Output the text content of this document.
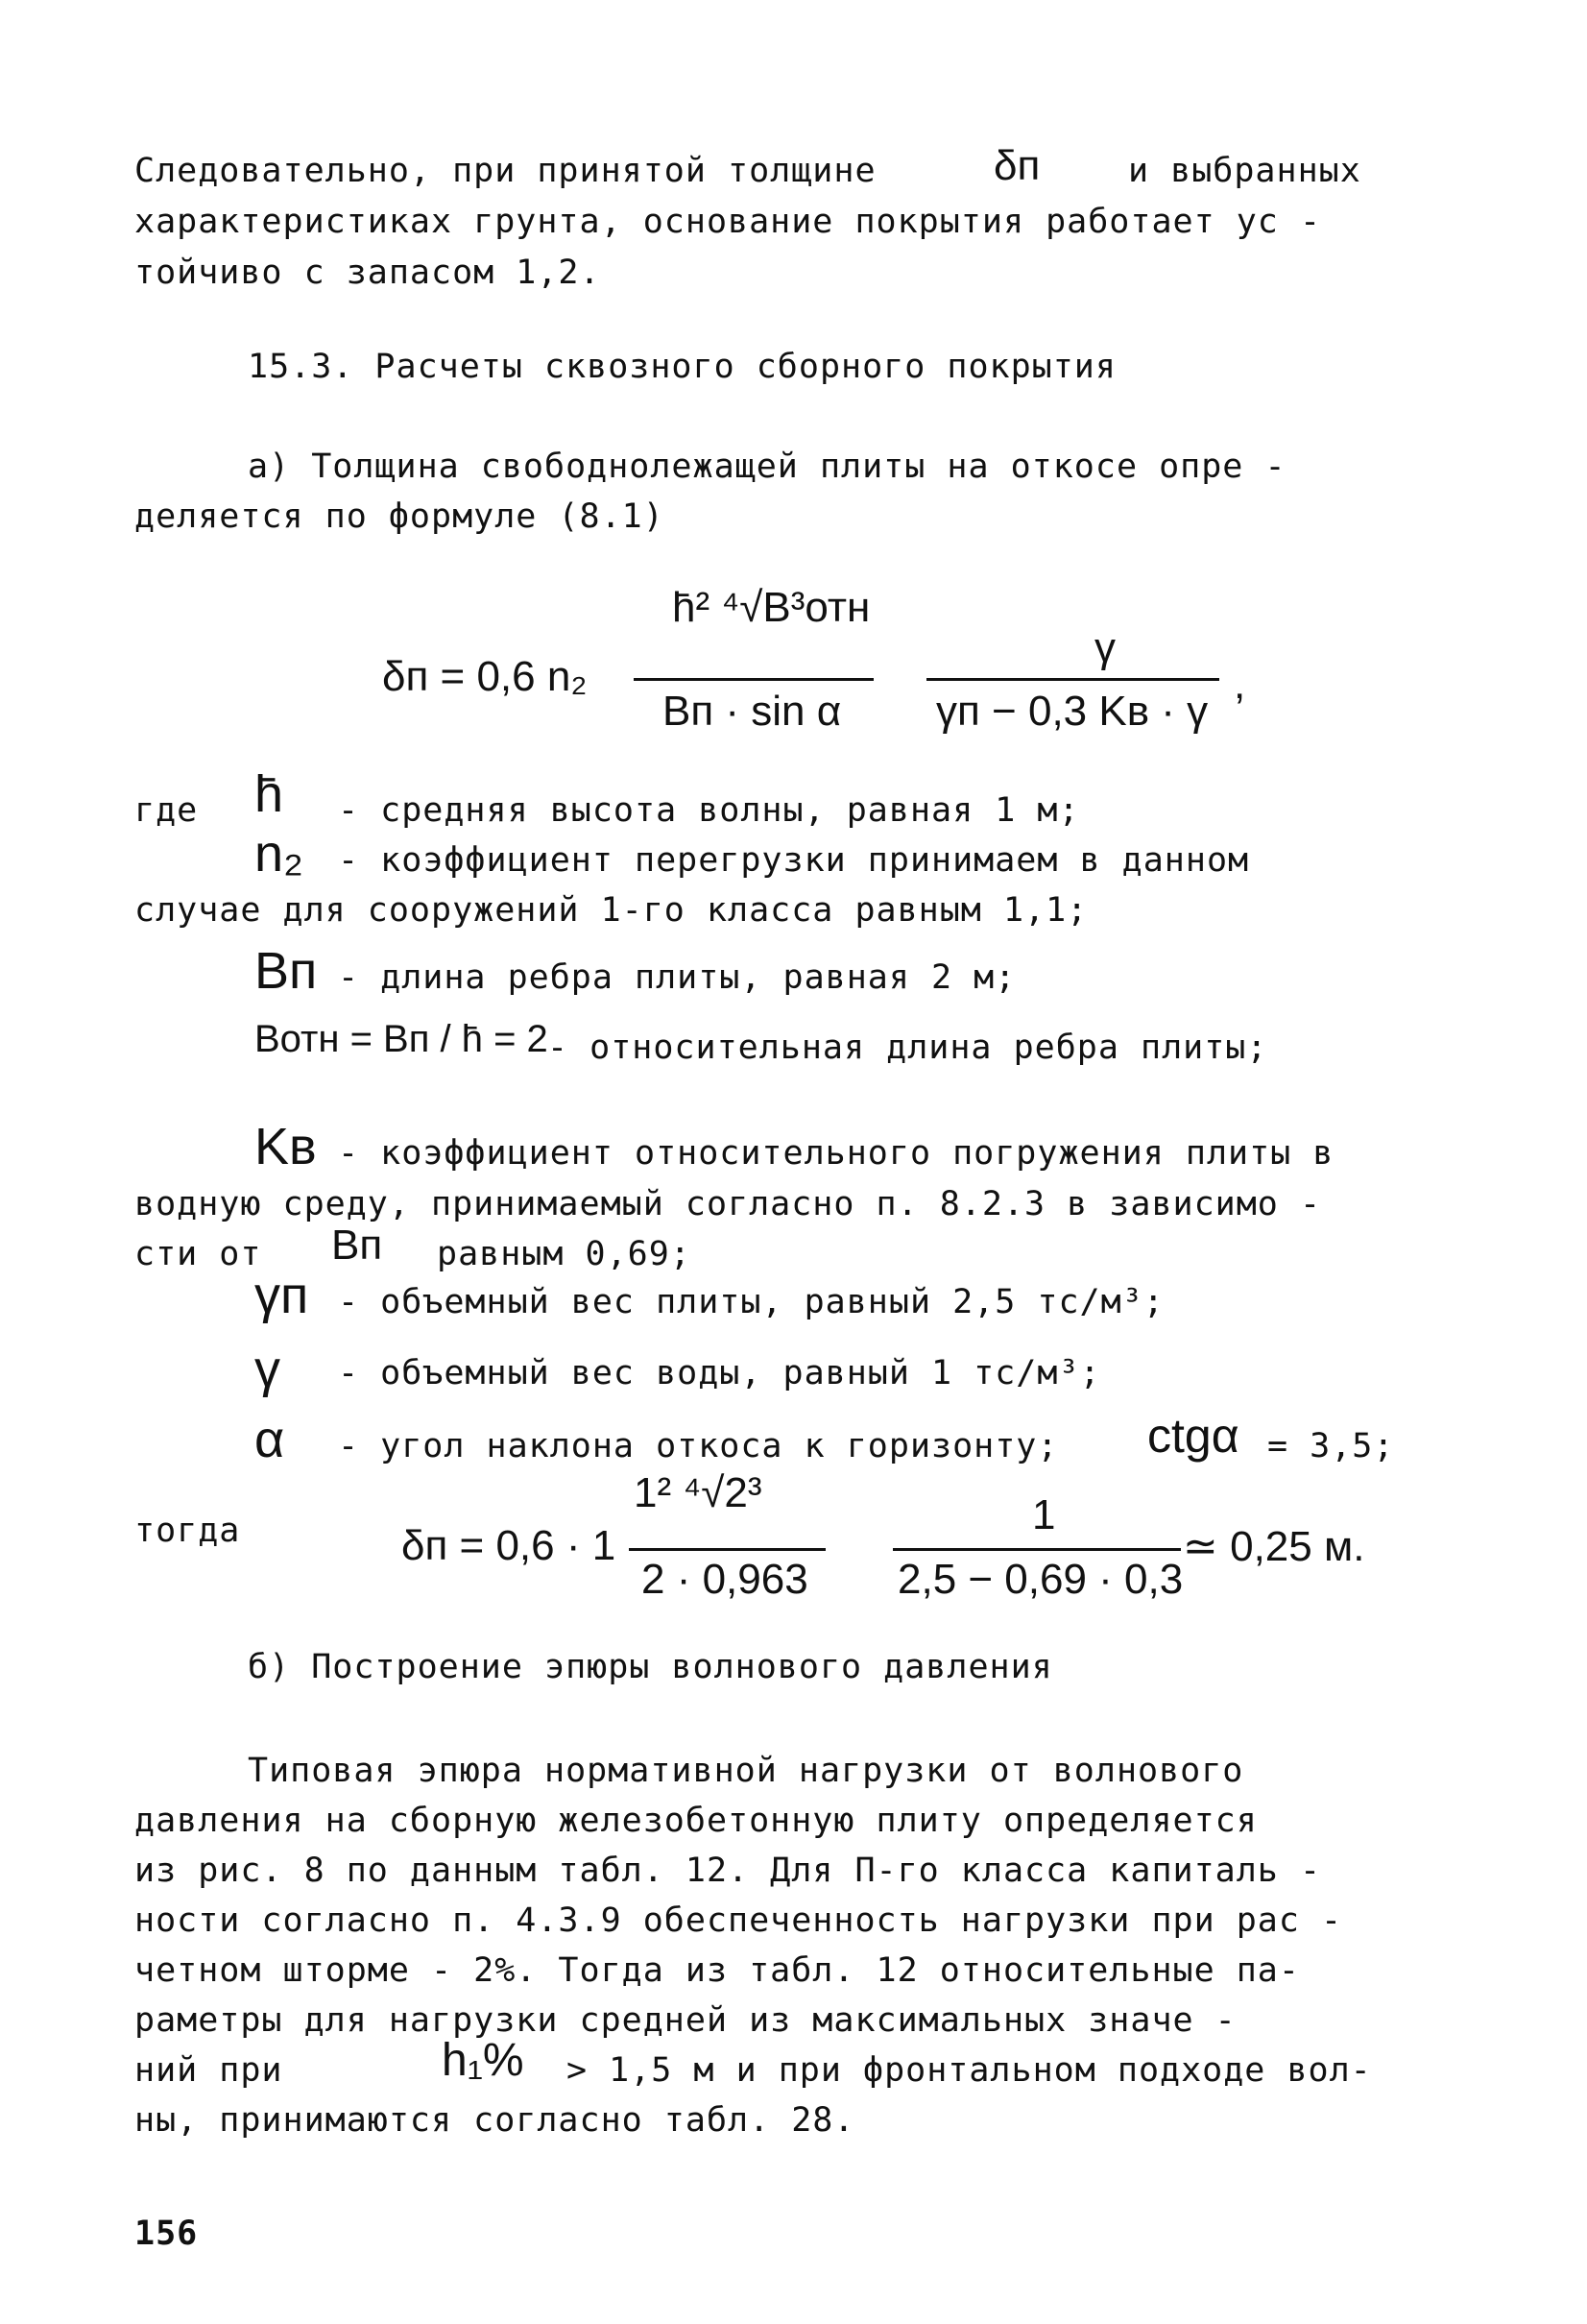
Следовательно, при принятой толщине	δп	и выбранных
характеристиках грунта, основание покрытия работает ус -
тойчиво с запасом 1,2.
15.3. Расчеты сквозного сборного покрытия
а) Толщина свободнолежащей плиты на откосе опре -
деляется по формуле (8.1)
δп = 0,6 n₂
h̄² ⁴√B³отн
Bп · sin α
γ
γп − 0,3 Kв · γ
,
где h̄ - средняя высота волны, равная 1 м;
n₂ - коэффициент перегрузки принимаем в данном
случае для сооружений 1-го класса равным 1,1;
Bп - длина ребра плиты, равная 2 м;
Bотн = Bп / h̄ = 2 - относительная длина ребра плиты;
Kв - коэффициент относительного погружения плиты в
водную среду, принимаемый согласно п. 8.2.3 в зависимо -
сти от Bп равным 0,69;
γп - объемный вес плиты, равный 2,5 тс/м³;
γ - объемный вес воды, равный 1 тс/м³;
α - угол наклона откоса к горизонту; ctgα = 3,5;
тогда	δп = 0,6 · 1
1² ⁴√2³
2 · 0,963
1
2,5 − 0,69 · 0,3
≃ 0,25 м.
б) Построение эпюры волнового давления
Типовая эпюра нормативной нагрузки от волнового
давления на сборную железобетонную плиту определяется
из рис. 8 по данным табл. 12. Для П-го класса капиталь -
ности согласно п. 4.3.9 обеспеченность нагрузки при рас -
четном шторме - 2%. Тогда из табл. 12 относительные па-
раметры для нагрузки средней из максимальных значе -
ний при	h₁% > 1,5 м и при фронтальном подходе вол-
ны, принимаются согласно табл. 28.
156
